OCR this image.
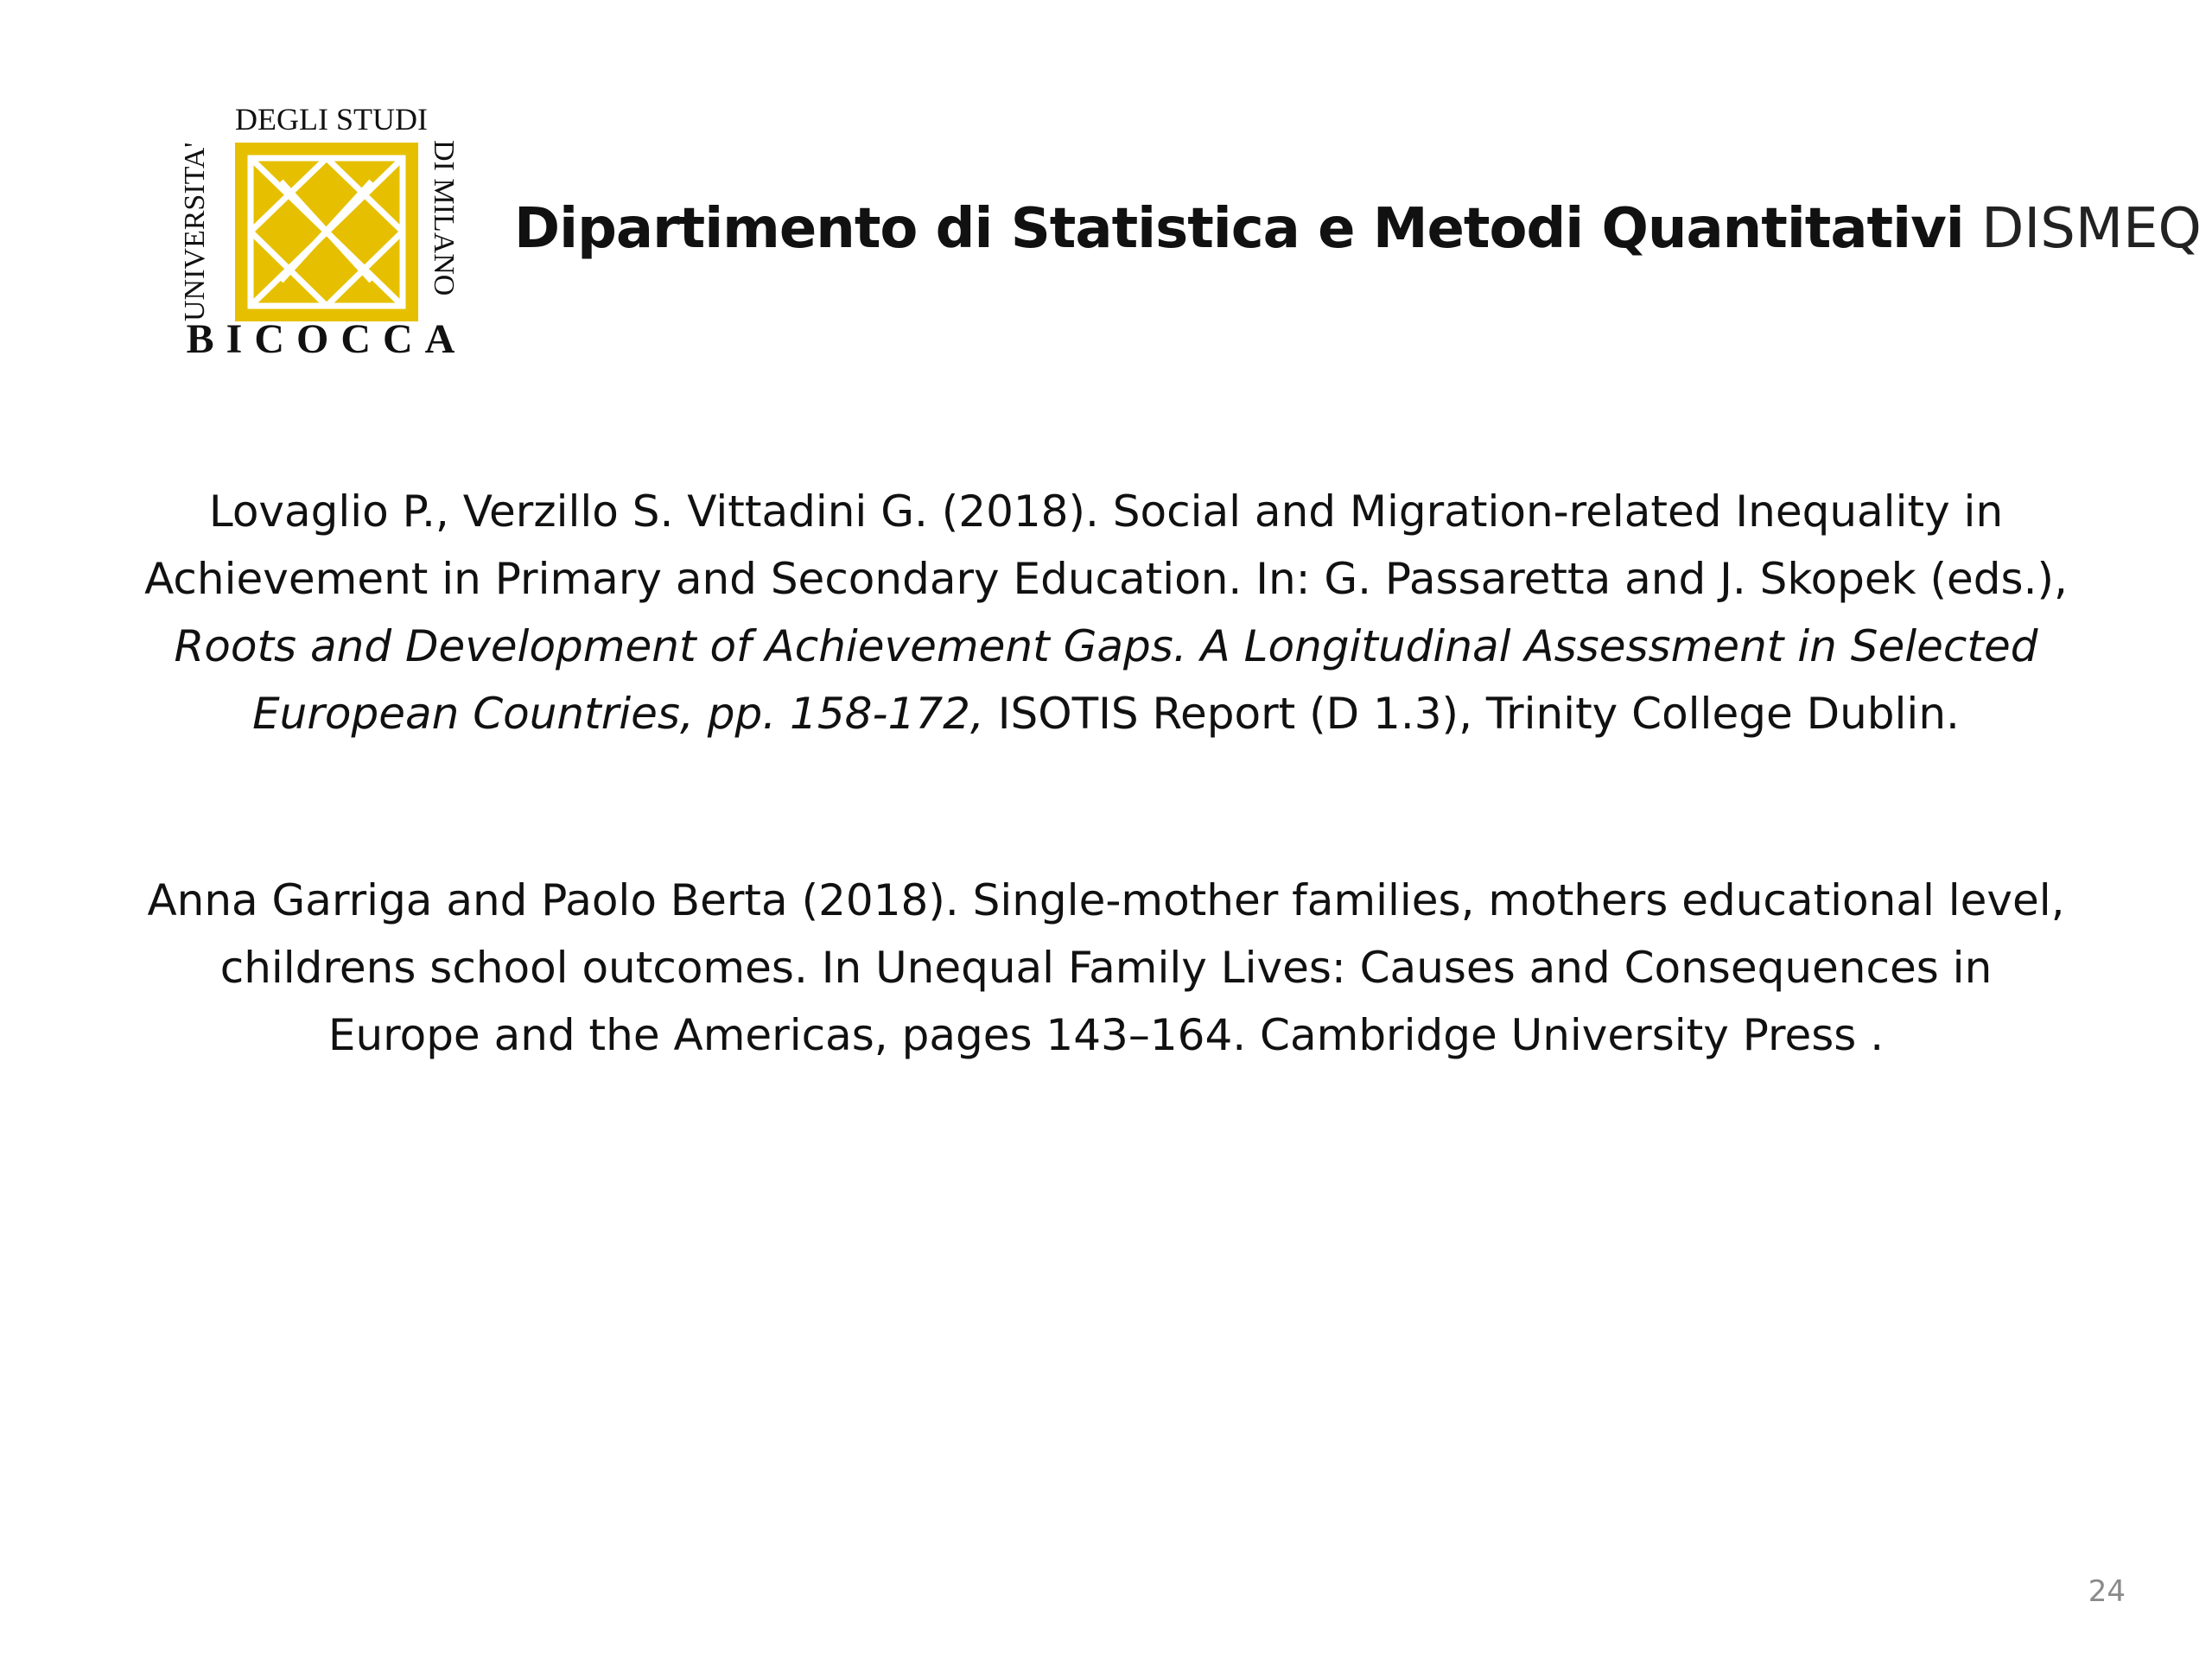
DEGLI STUDI
UNIVERSITA'	DI MILANO
BICOCCA
Dipartimento di Statistica e Metodi Quantitativi DISMEQ
Lovaglio P., Verzillo S. Vittadini G. (2018). Social and Migration-related Inequality in
Achievement in Primary and Secondary Education. In: G. Passaretta and J. Skopek (eds.),
Roots and Development of Achievement Gaps. A Longitudinal Assessment in Selected
European Countries, pp. 158-172, ISOTIS Report (D 1.3), Trinity College Dublin.
Anna Garriga and Paolo Berta (2018). Single-mother families, mothers educational level,
childrens school outcomes. In Unequal Family Lives: Causes and Consequences in
Europe and the Americas, pages 143–164. Cambridge University Press .
24
